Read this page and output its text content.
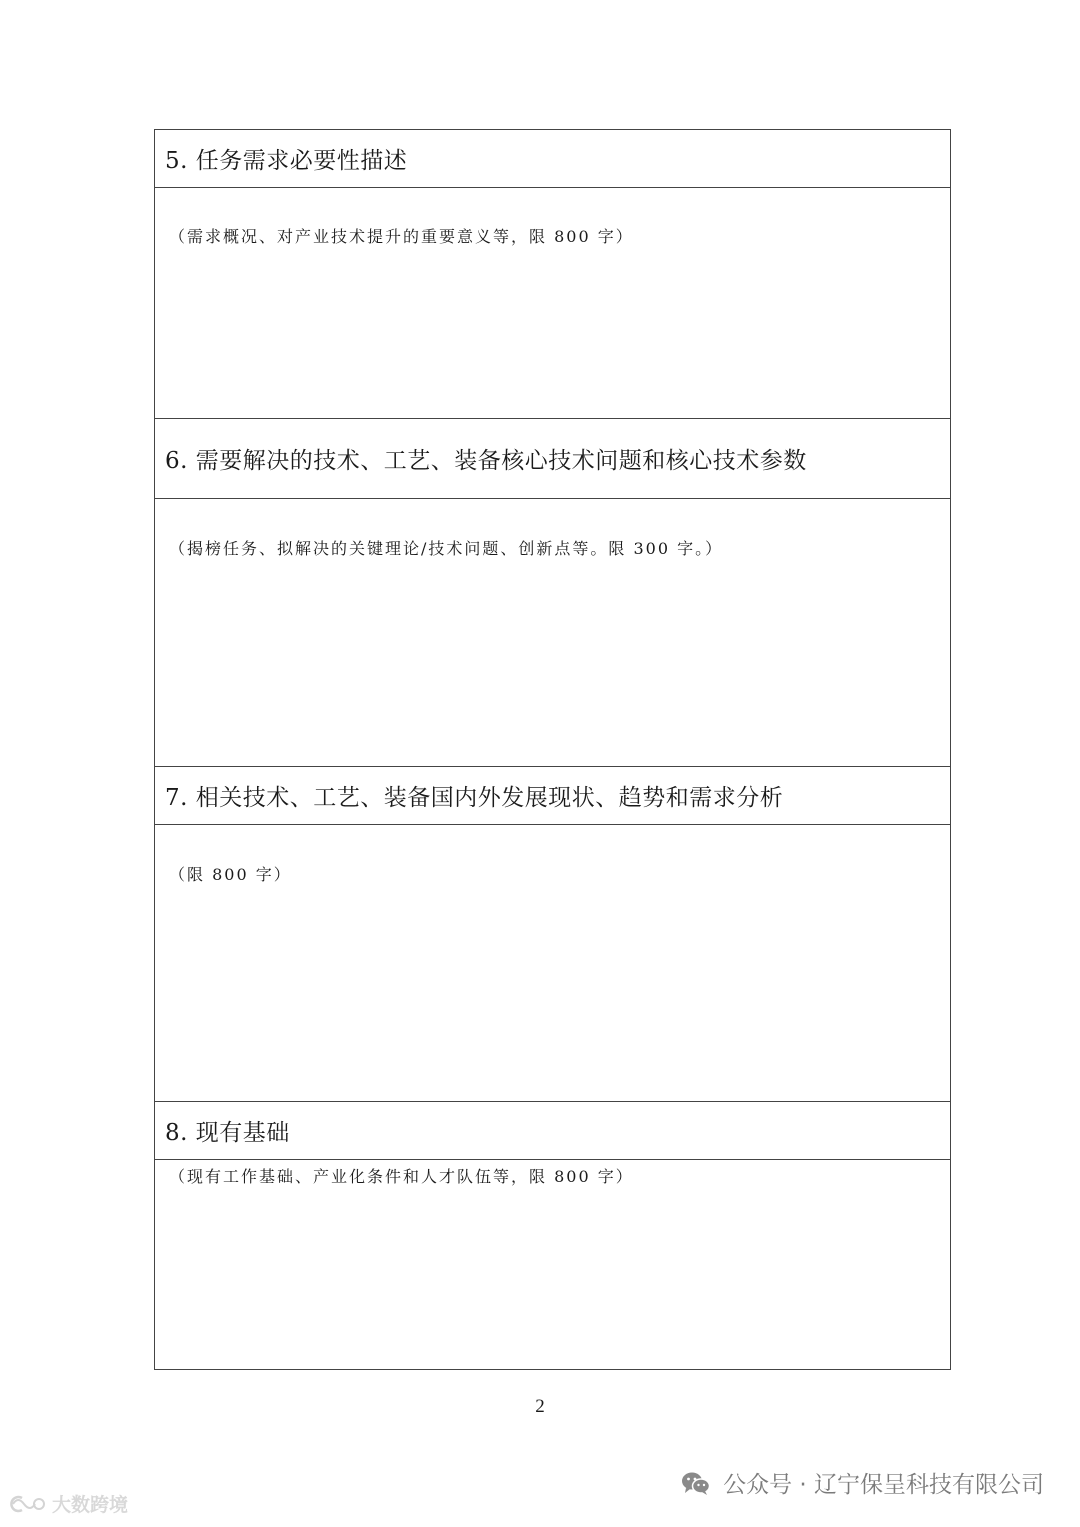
5. 任务需求必要性描述
（需求概况、对产业技术提升的重要意义等，限 800 字）
6. 需要解决的技术、工艺、装备核心技术问题和核心技术参数
（揭榜任务、拟解决的关键理论/技术问题、创新点等。限 300 字。）
7. 相关技术、工艺、装备国内外发展现状、趋势和需求分析
（限 800 字）
8. 现有基础
（现有工作基础、产业化条件和人才队伍等，限 800 字）
2
公众号 · 辽宁保呈科技有限公司
大数跨境
